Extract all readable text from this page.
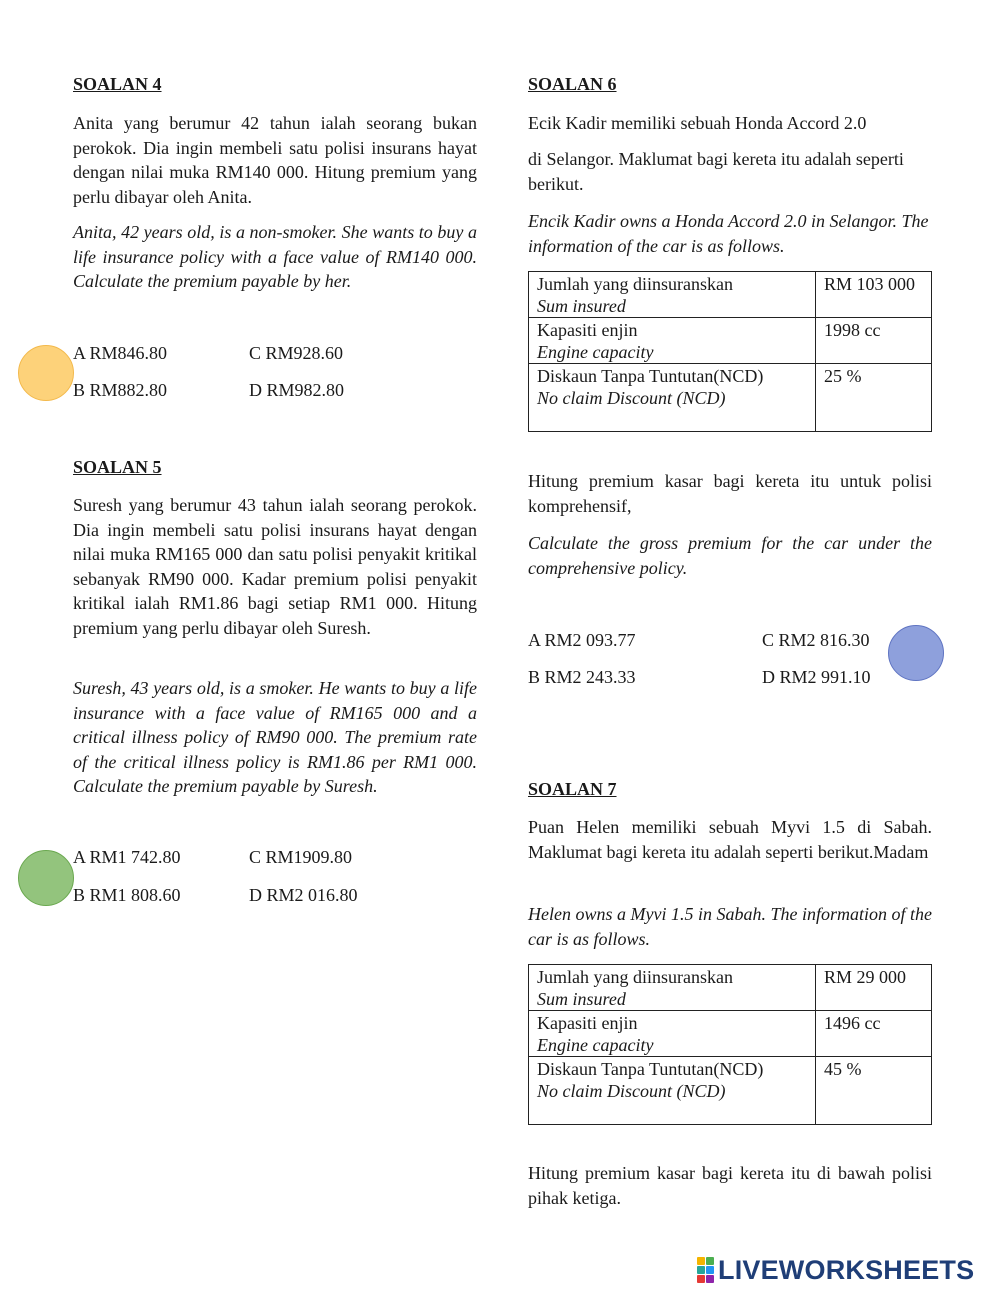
SOALAN 4

Anita yang berumur 42 tahun ialah seorang bukan perokok. Dia ingin membeli satu polisi insurans hayat dengan nilai muka RM140 000. Hitung premium yang perlu dibayar oleh Anita.

Anita, 42 years old, is a non-smoker. She wants to buy a life insurance policy with a face value of RM140 000. Calculate the premium payable by her.

A RM846.80	C RM928.60
B RM882.80	D RM982.80
SOALAN 5

Suresh yang berumur 43 tahun ialah seorang perokok. Dia ingin membeli satu polisi insurans hayat dengan nilai muka RM165 000 dan satu polisi penyakit kritikal sebanyak RM90 000. Kadar premium polisi penyakit kritikal ialah RM1.86 bagi setiap RM1 000. Hitung premium yang perlu dibayar oleh Suresh.

Suresh, 43 years old, is a smoker. He wants to buy a life insurance with a face value of RM165 000 and a critical illness policy of RM90 000. The premium rate of the critical illness policy is RM1.86 per RM1 000. Calculate the premium payable by Suresh.

A RM1 742.80	C RM1909.80
B RM1 808.60	D RM2 016.80
SOALAN 6

Ecik Kadir memiliki sebuah Honda Accord 2.0

di Selangor. Maklumat bagi kereta itu adalah seperti berikut.

Encik Kadir owns a Honda Accord 2.0 in Selangor. The information of the car is as follows.

Jumlah yang diinsuranskan
Sum insured	RM 103 000

Kapasiti enjin
Engine capacity	1998 cc

Diskaun Tanpa Tuntutan(NCD)
No claim Discount (NCD)	25 %

Hitung premium kasar bagi kereta itu untuk polisi komprehensif,

Calculate the gross premium for the car under the comprehensive policy.

A RM2 093.77	C RM2 816.30
B RM2 243.33	D RM2 991.10
SOALAN 7

Puan Helen memiliki sebuah Myvi 1.5 di Sabah. Maklumat bagi kereta itu adalah seperti berikut.Madam

Helen owns a Myvi 1.5 in Sabah. The information of the car is as follows.

Jumlah yang diinsuranskan
Sum insured	RM 29 000

Kapasiti enjin
Engine capacity	1496 cc

Diskaun Tanpa Tuntutan(NCD)
No claim Discount (NCD)	45 %

Hitung premium kasar bagi kereta itu di bawah polisi pihak ketiga.

LIVEWORKSHEETS
